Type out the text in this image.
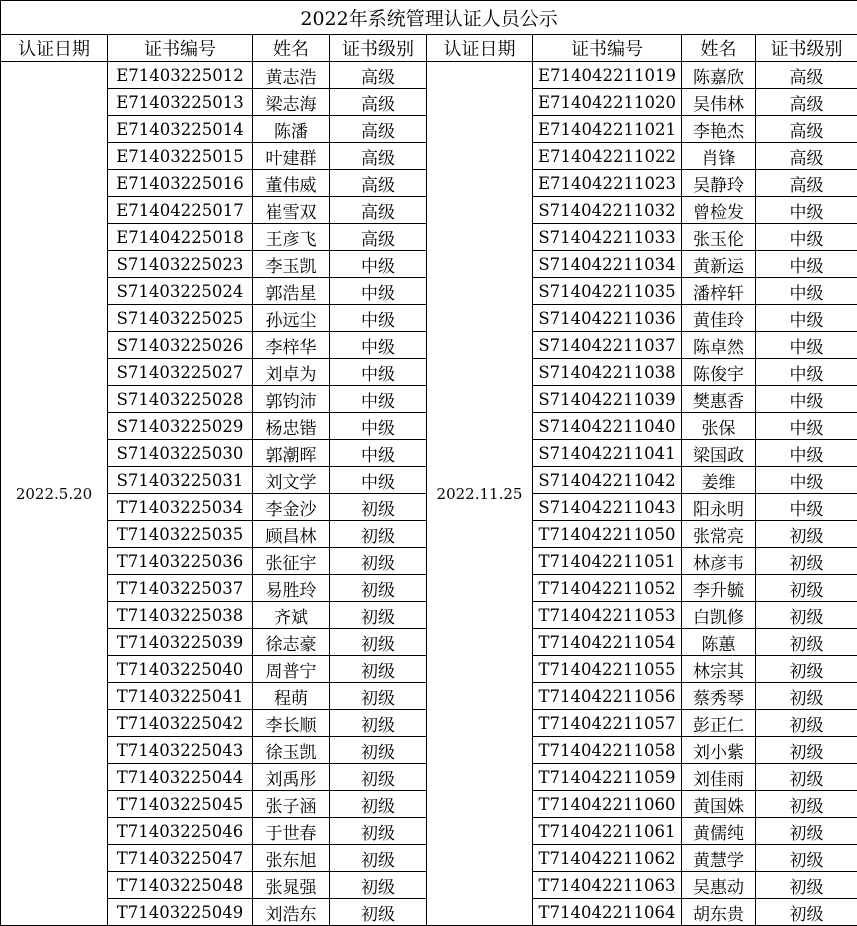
2022年系统管理认证人员公示							
认证日期	证书编号	姓名	证书级别	认证日期	证书编号	姓名	证书级别
2022.5.20	E71403225012	黄志浩	高级	2022.11.25	E714042211019	陈嘉欣	高级
	E71403225013	梁志海	高级		E714042211020	吴伟林	高级
	E71403225014	陈潘	高级		E714042211021	李艳杰	高级
	E71403225015	叶建群	高级		E714042211022	肖锋	高级
	E71403225016	董伟威	高级		E714042211023	吴静玲	高级
	E71404225017	崔雪双	高级		S714042211032	曾检发	中级
	E71404225018	王彦飞	高级		S714042211033	张玉伦	中级
	S71403225023	李玉凯	中级		S714042211034	黄新运	中级
	S71403225024	郭浩星	中级		S714042211035	潘梓轩	中级
	S71403225025	孙远尘	中级		S714042211036	黄佳玲	中级
	S71403225026	李梓华	中级		S714042211037	陈卓然	中级
	S71403225027	刘卓为	中级		S714042211038	陈俊宇	中级
	S71403225028	郭钧沛	中级		S714042211039	樊惠香	中级
	S71403225029	杨忠锴	中级		S714042211040	张保	中级
	S71403225030	郭潮晖	中级		S714042211041	梁国政	中级
	S71403225031	刘文学	中级		S714042211042	姜维	中级
	T71403225034	李金沙	初级		S714042211043	阳永明	中级
	T71403225035	顾昌林	初级		T714042211050	张常亮	初级
	T71403225036	张征宇	初级		T714042211051	林彦韦	初级
	T71403225037	易胜玲	初级		T714042211052	李升毓	初级
	T71403225038	齐斌	初级		T714042211053	白凯修	初级
	T71403225039	徐志豪	初级		T714042211054	陈蕙	初级
	T71403225040	周普宁	初级		T714042211055	林宗其	初级
	T71403225041	程萌	初级		T714042211056	蔡秀琴	初级
	T71403225042	李长顺	初级		T714042211057	彭正仁	初级
	T71403225043	徐玉凯	初级		T714042211058	刘小紫	初级
	T71403225044	刘禹彤	初级		T714042211059	刘佳雨	初级
	T71403225045	张子涵	初级		T714042211060	黄国姝	初级
	T71403225046	于世春	初级		T714042211061	黄儒纯	初级
	T71403225047	张东旭	初级		T714042211062	黄慧学	初级
	T71403225048	张晁强	初级		T714042211063	吴惠动	初级
	T71403225049	刘浩东	初级		T714042211064	胡东贵	初级
